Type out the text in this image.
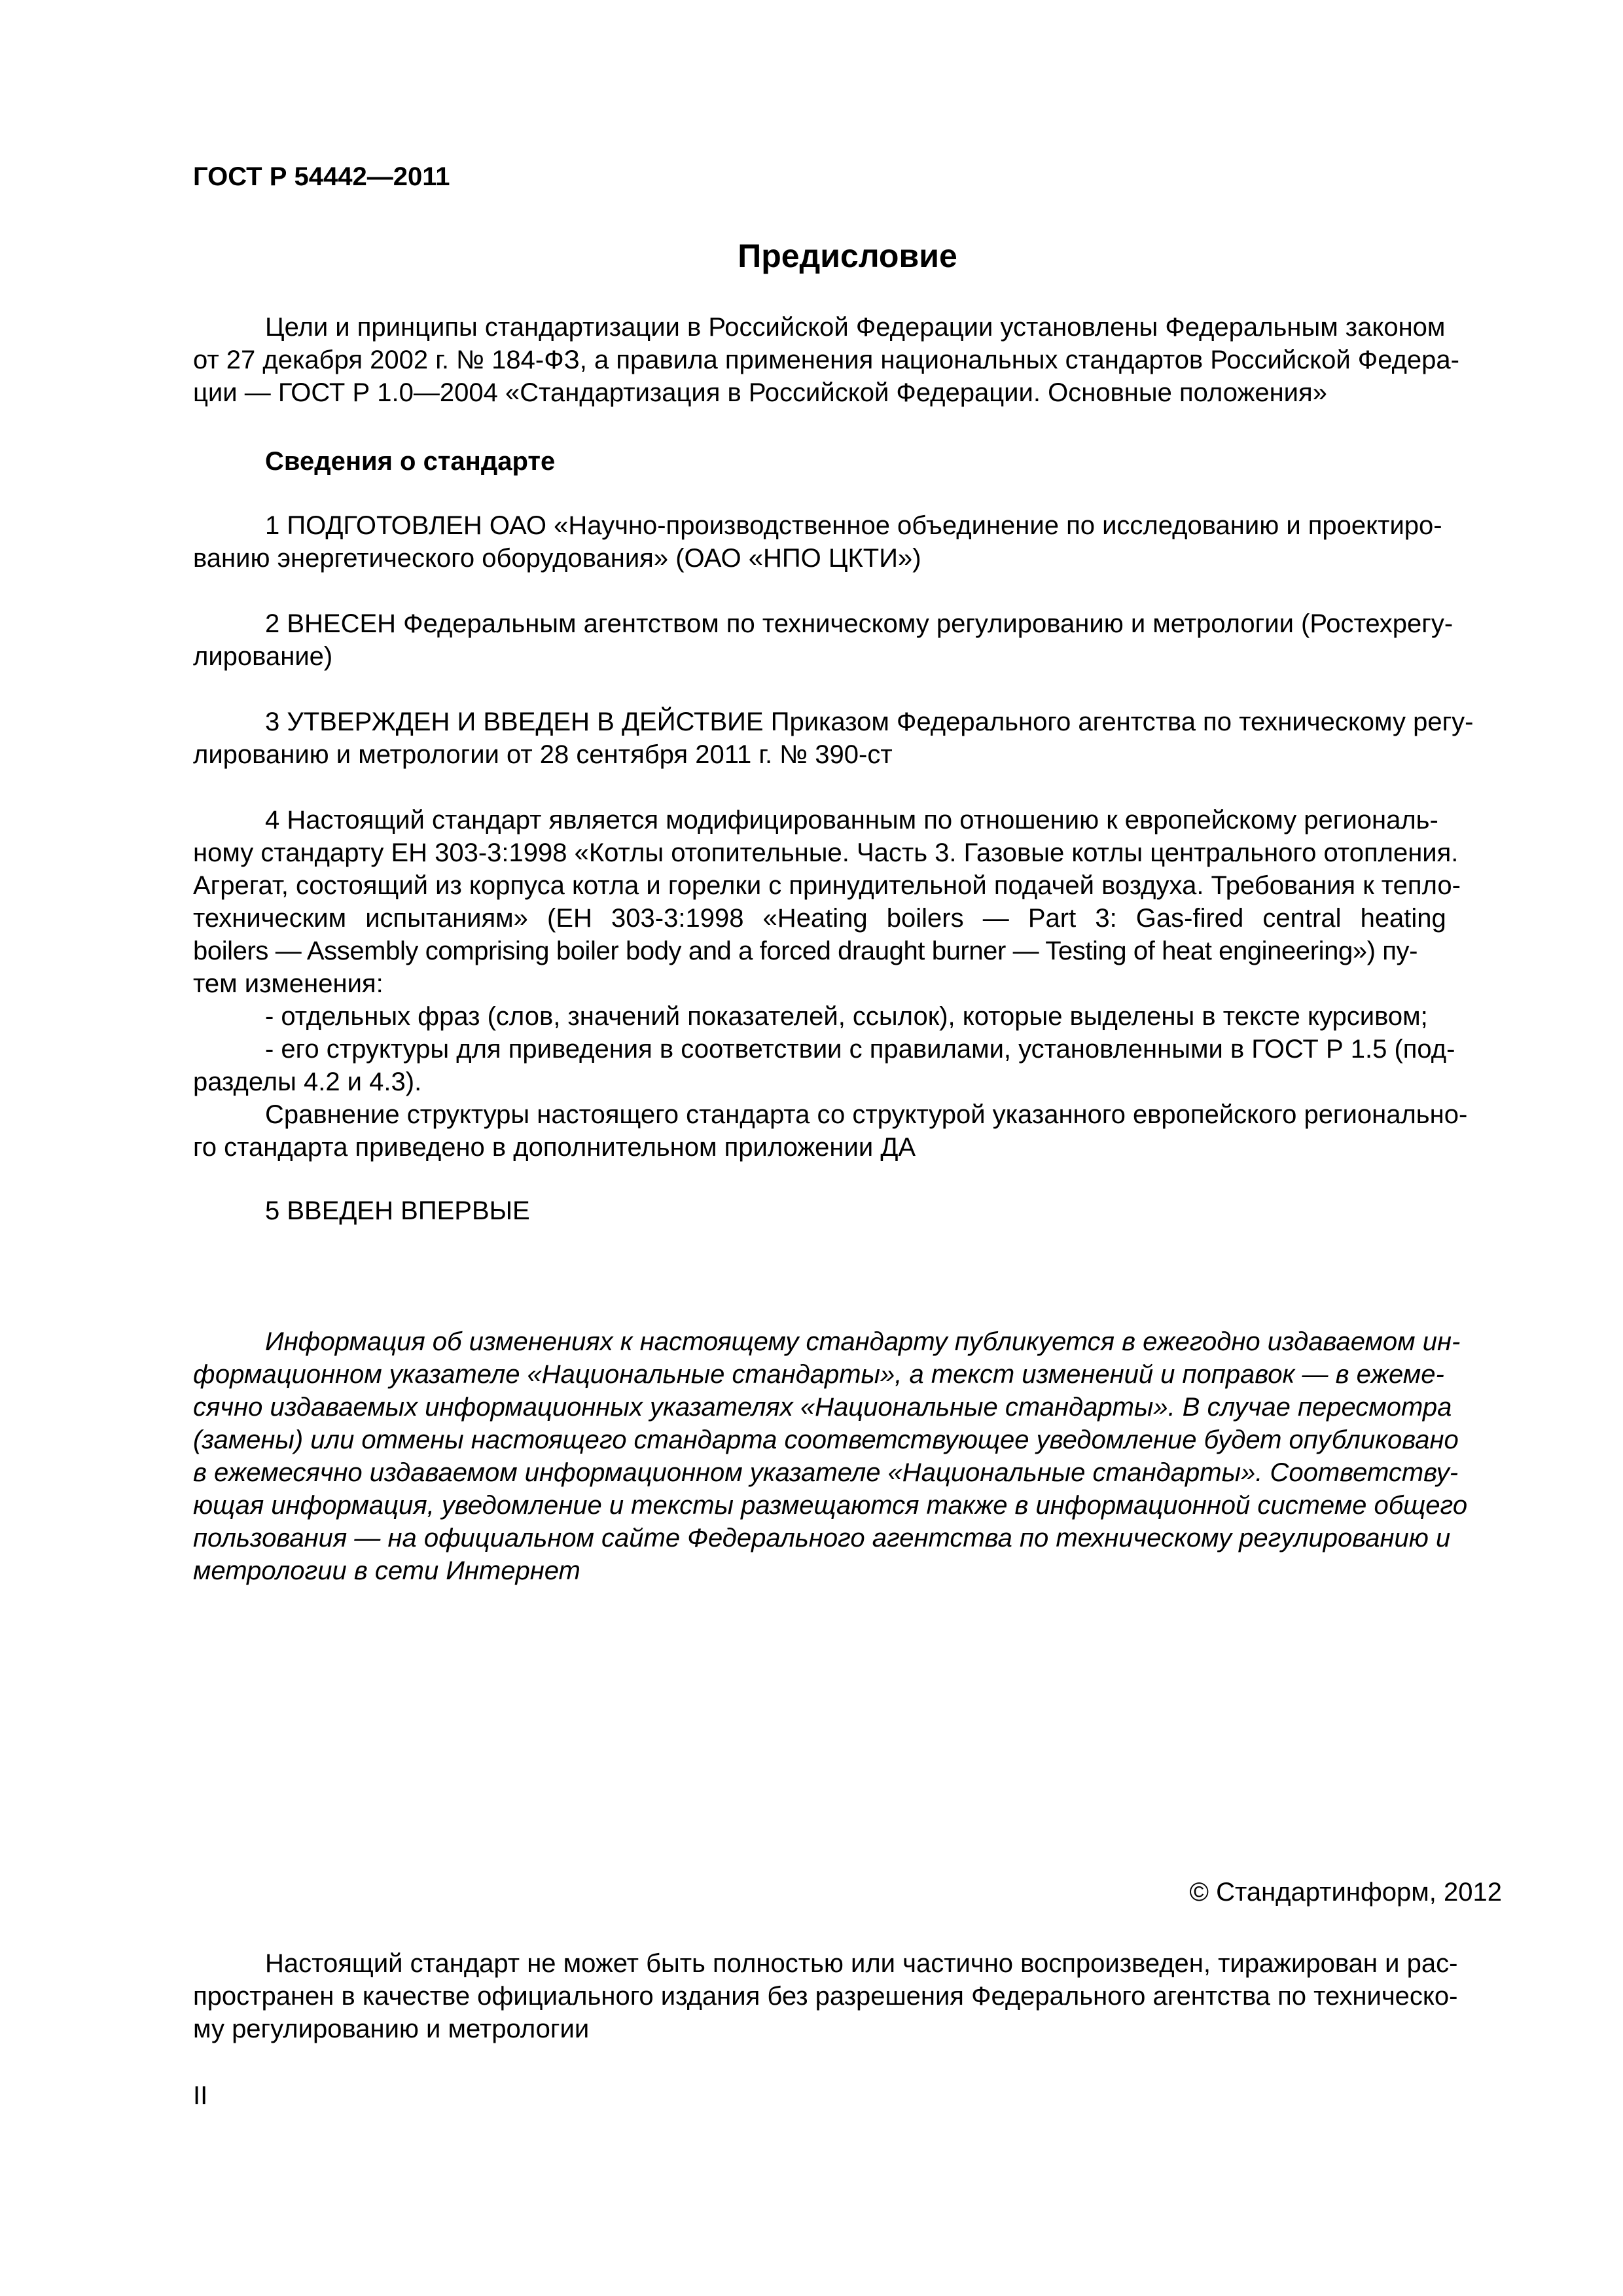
ГОСТ Р 54442—2011
Предисловие
Цели и принципы стандартизации в Российской Федерации установлены Федеральным законом
от 27 декабря 2002 г. № 184-ФЗ, а правила применения национальных стандартов Российской Федера-
ции — ГОСТ Р 1.0—2004 «Стандартизация в Российской Федерации. Основные положения»
Сведения о стандарте
1 ПОДГОТОВЛЕН ОАО «Научно-производственное объединение по исследованию и проектиро-
ванию энергетического оборудования» (ОАО «НПО ЦКТИ»)
2 ВНЕСЕН Федеральным агентством по техническому регулированию и метрологии (Ростехрегу-
лирование)
3 УТВЕРЖДЕН И ВВЕДЕН В ДЕЙСТВИЕ Приказом Федерального агентства по техническому регу-
лированию и метрологии от 28 сентября 2011 г. № 390-ст
4 Настоящий стандарт является модифицированным по отношению к европейскому региональ-
ному стандарту ЕН 303-3:1998 «Котлы отопительные. Часть 3. Газовые котлы центрального отопления.
Агрегат, состоящий из корпуса котла и горелки с принудительной подачей воздуха. Требования к тепло-
техническим испытаниям» (ЕН 303-3:1998 «Heating boilers — Part 3: Gas-fired central heating
boilers — Assembly comprising boiler body and a forced draught burner — Testing of heat engineering») пу-
тем изменения:
- отдельных фраз (слов, значений показателей, ссылок), которые выделены в тексте курсивом;
- его структуры для приведения в соответствии с правилами, установленными в ГОСТ Р 1.5 (под-
разделы 4.2 и 4.3).
Сравнение структуры настоящего стандарта со структурой указанного европейского регионально-
го стандарта приведено в дополнительном приложении ДА
5 ВВЕДЕН ВПЕРВЫЕ
Информация об изменениях к настоящему стандарту публикуется в ежегодно издаваемом ин-
формационном указателе «Национальные стандарты», а текст изменений и поправок — в ежеме-
сячно издаваемых информационных указателях «Национальные стандарты». В случае пересмотра
(замены) или отмены настоящего стандарта соответствующее уведомление будет опубликовано
в ежемесячно издаваемом информационном указателе «Национальные стандарты». Соответству-
ющая информация, уведомление и тексты размещаются также в информационной системе общего
пользования — на официальном сайте Федерального агентства по техническому регулированию и
метрологии в сети Интернет
© Стандартинформ, 2012
Настоящий стандарт не может быть полностью или частично воспроизведен, тиражирован и рас-
пространен в качестве официального издания без разрешения Федерального агентства по техническо-
му регулированию и метрологии
II
